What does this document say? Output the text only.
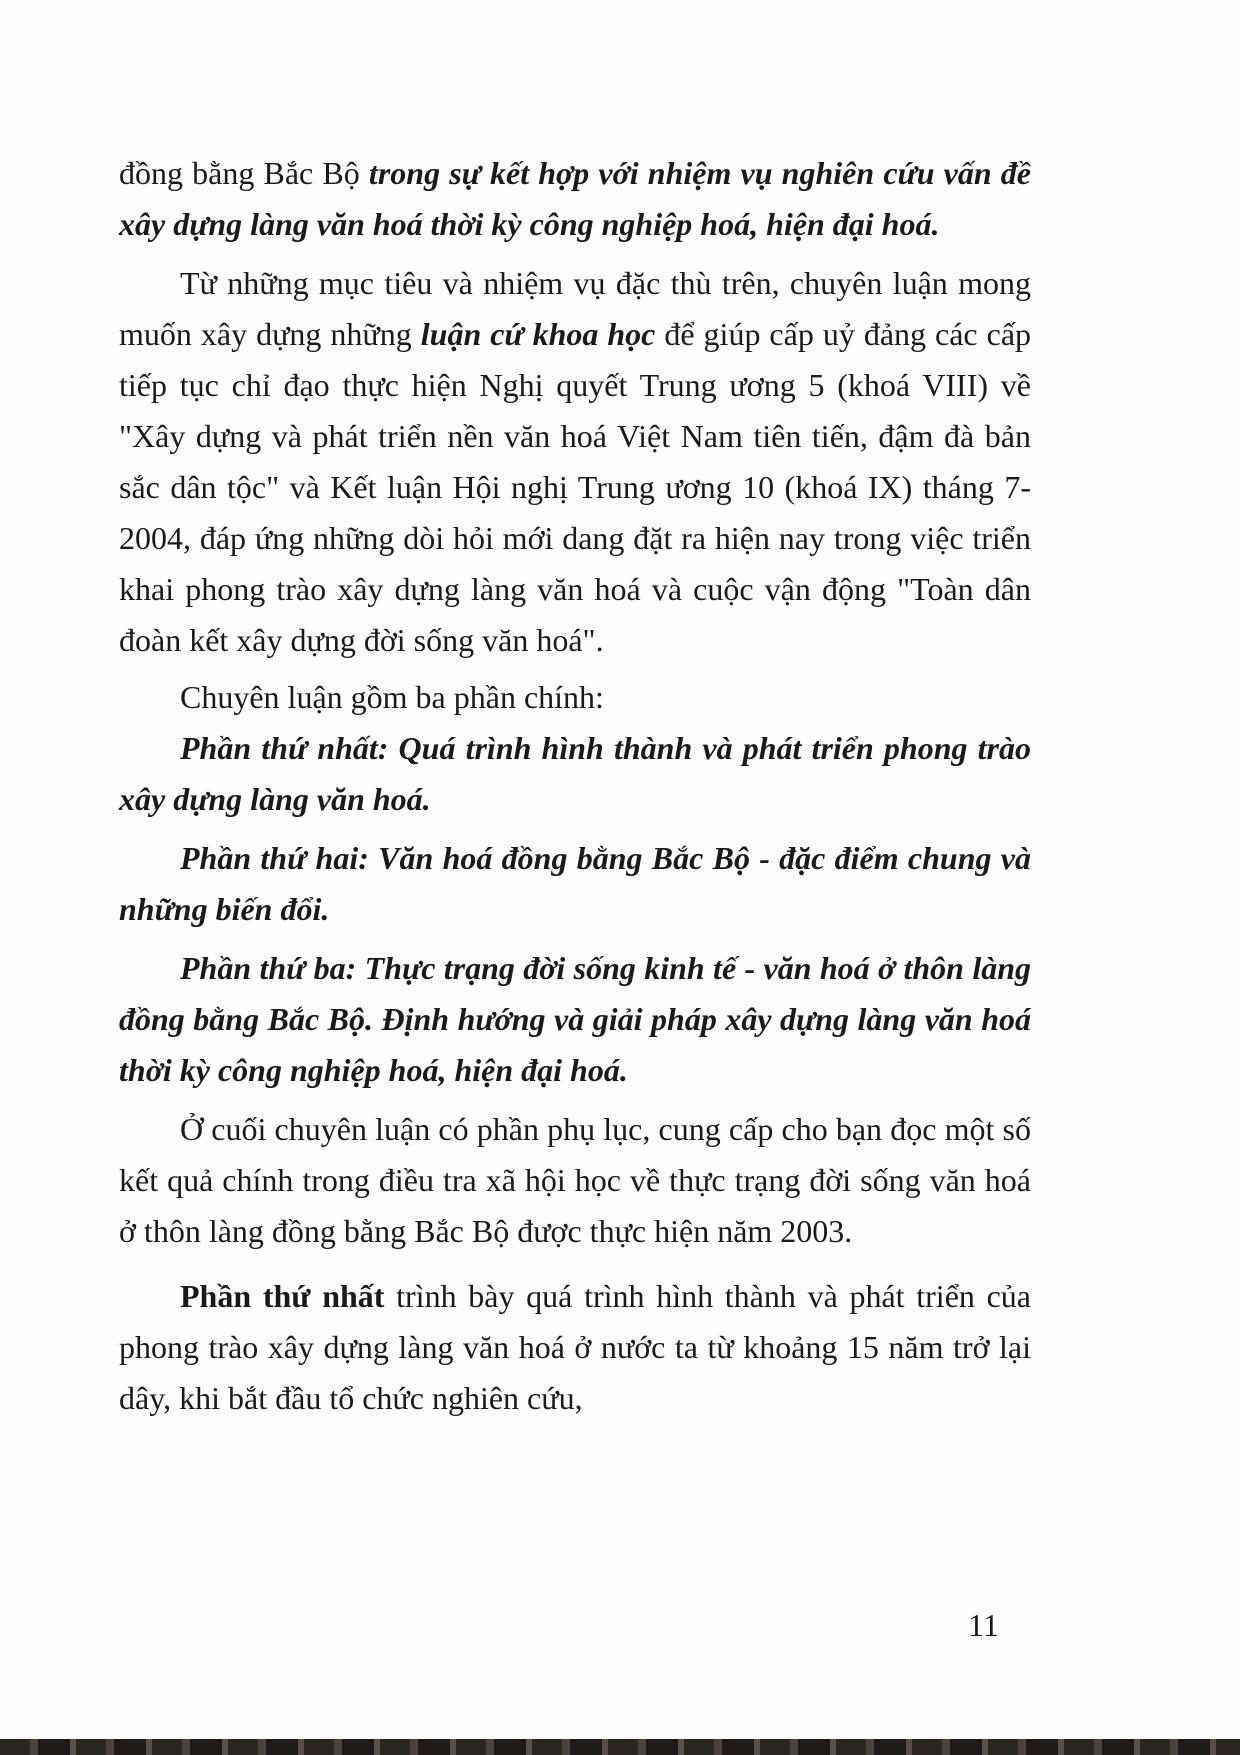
đồng bằng Bắc Bộ trong sự kết hợp với nhiệm vụ nghiên cứu vấn đề xây dựng làng văn hoá thời kỳ công nghiệp hoá, hiện đại hoá.

Từ những mục tiêu và nhiệm vụ đặc thù trên, chuyên luận mong muốn xây dựng những luận cứ khoa học để giúp cấp uỷ đảng các cấp tiếp tục chỉ đạo thực hiện Nghị quyết Trung ương 5 (khoá VIII) về "Xây dựng và phát triển nền văn hoá Việt Nam tiên tiến, đậm đà bản sắc dân tộc" và Kết luận Hội nghị Trung ương 10 (khoá IX) tháng 7-2004, đáp ứng những dòi hỏi mới dang đặt ra hiện nay trong việc triển khai phong trào xây dựng làng văn hoá và cuộc vận động "Toàn dân đoàn kết xây dựng đời sống văn hoá".

Chuyên luận gồm ba phần chính:

Phần thứ nhất: Quá trình hình thành và phát triển phong trào xây dựng làng văn hoá.

Phần thứ hai: Văn hoá đồng bằng Bắc Bộ - đặc điểm chung và những biến đổi.

Phần thứ ba: Thực trạng đời sống kinh tế - văn hoá ở thôn làng đồng bằng Bắc Bộ. Định hướng và giải pháp xây dựng làng văn hoá thời kỳ công nghiệp hoá, hiện đại hoá.

Ở cuối chuyên luận có phần phụ lục, cung cấp cho bạn đọc một số kết quả chính trong điều tra xã hội học về thực trạng đời sống văn hoá ở thôn làng đồng bằng Bắc Bộ được thực hiện năm 2003.

Phần thứ nhất trình bày quá trình hình thành và phát triển của phong trào xây dựng làng văn hoá ở nước ta từ khoảng 15 năm trở lại dây, khi bắt đầu tổ chức nghiên cứu,

11
